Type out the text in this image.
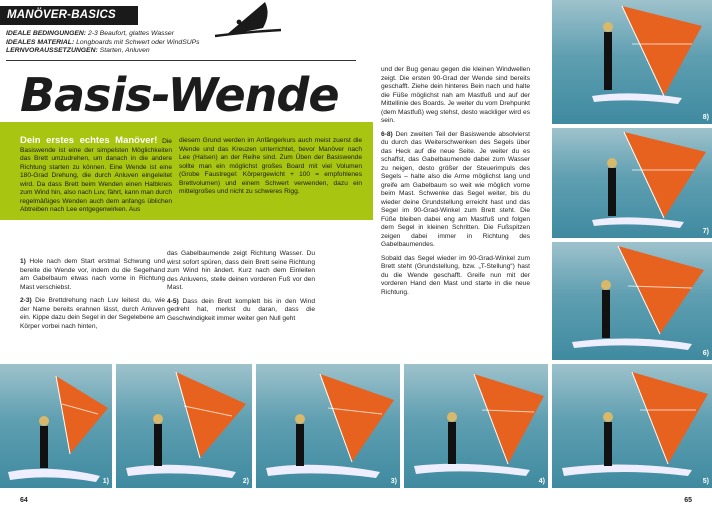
MANÖVER-BASICS
IDEALE BEDINGUNGEN: 2-3 Beaufort, glattes Wasser
IDEALES MATERIAL: Longboards mit Schwert oder WindSUPs
LERNVORAUSSETZUNGEN: Starten, Anluven
Basis-Wende
Dein erstes echtes Manöver! Die Basiswende ist eine der simpelsten Möglichkeiten das Brett umzudrehen, um danach in die andere Richtung starten zu können. Eine Wende ist eine 180-Grad Drehung, die durch Anluven eingeleitet wird. Da dass Brett beim Wenden einen Halbkreis zum Wind hin, also nach Luv, fährt, kann man durch regelmäßiges Wenden auch dem anfangs üblichen Abtreiben nach Lee entgegenwirken. Aus
diesem Grund werden im Anfängerkurs auch meist zuerst die Wende und das Kreuzen unterrichtet, bevor Manöver nach Lee (Halsen) an der Reihe sind. Zum Üben der Basiswende sollte man ein möglichst großes Board mit viel Volumen (Grobe Faustregel: Körpergewicht + 100 = empfohlenes Brettvolumen) und einem Schwert verwenden, dazu ein mittelgroßes und nicht zu schweres Rigg.

1) Hole nach dem Start erstmal Schwung und bereite die Wende vor, indem du die Segelhand am Gabelbaum etwas nach vorne in Richtung Mast verschiebst.

2-3) Die Brettdrehung nach Luv leitest du, wie der Name bereits erahnen lässt, durch Anluven ein. Kippe dazu dein Segel in der Segelebene am Körper vorbei nach hinten,

das Gabelbaumende zeigt Richtung Wasser. Du wirst sofort spüren, dass dein Brett seine Richtung zum Wind hin ändert. Kurz nach dem Einleiten des Anluvens, stelle deinen vorderen Fuß vor den Mast.

4-5) Dass dein Brett komplett bis in den Wind gedreht hat, merkst du daran, dass die Geschwindigkeit immer weiter gen Null geht

und der Bug genau gegen die kleinen Windwellen zeigt. Die ersten 90-Grad der Wende sind bereits geschafft. Ziehe dein hinteres Bein nach und halte die Füße möglichst nah am Mastfuß und auf der Mittellinie des Boards. Je weiter du vom Drehpunkt (dem Mastfuß) weg stehst, desto wackliger wird es sein.

6-8) Den zweiten Teil der Basiswende absolvierst du durch das Weiterschwenken des Segels über das Heck auf die neue Seite. Je weiter du es schaffst, das Gabelbaumende dabei zum Wasser zu neigen, desto größer der Steuerimpuls des Segels – halte also die Arme möglichst lang und greife am Gabelbaum so weit wie möglich vorne beim Mast. Schwenke das Segel weiter, bis du wieder deine Grundstellung erreicht hast und das Segel im 90-Grad-Winkel zum Brett steht. Die Füße bleiben dabei eng am Mastfuß und folgen dem Segel in kleinen Schritten. Die Fußspitzen zeigen dabei immer in Richtung des Gabelbaumendes.

Sobald das Segel wieder im 90-Grad-Winkel zum Brett steht (Grundstellung, bzw. „T-Stellung“) hast du die Wende geschafft. Greife nun mit der vorderen Hand den Mast und starte in die neue Richtung.

1)	2)	3)	4)	5)
8)
7)
6)
64	65
